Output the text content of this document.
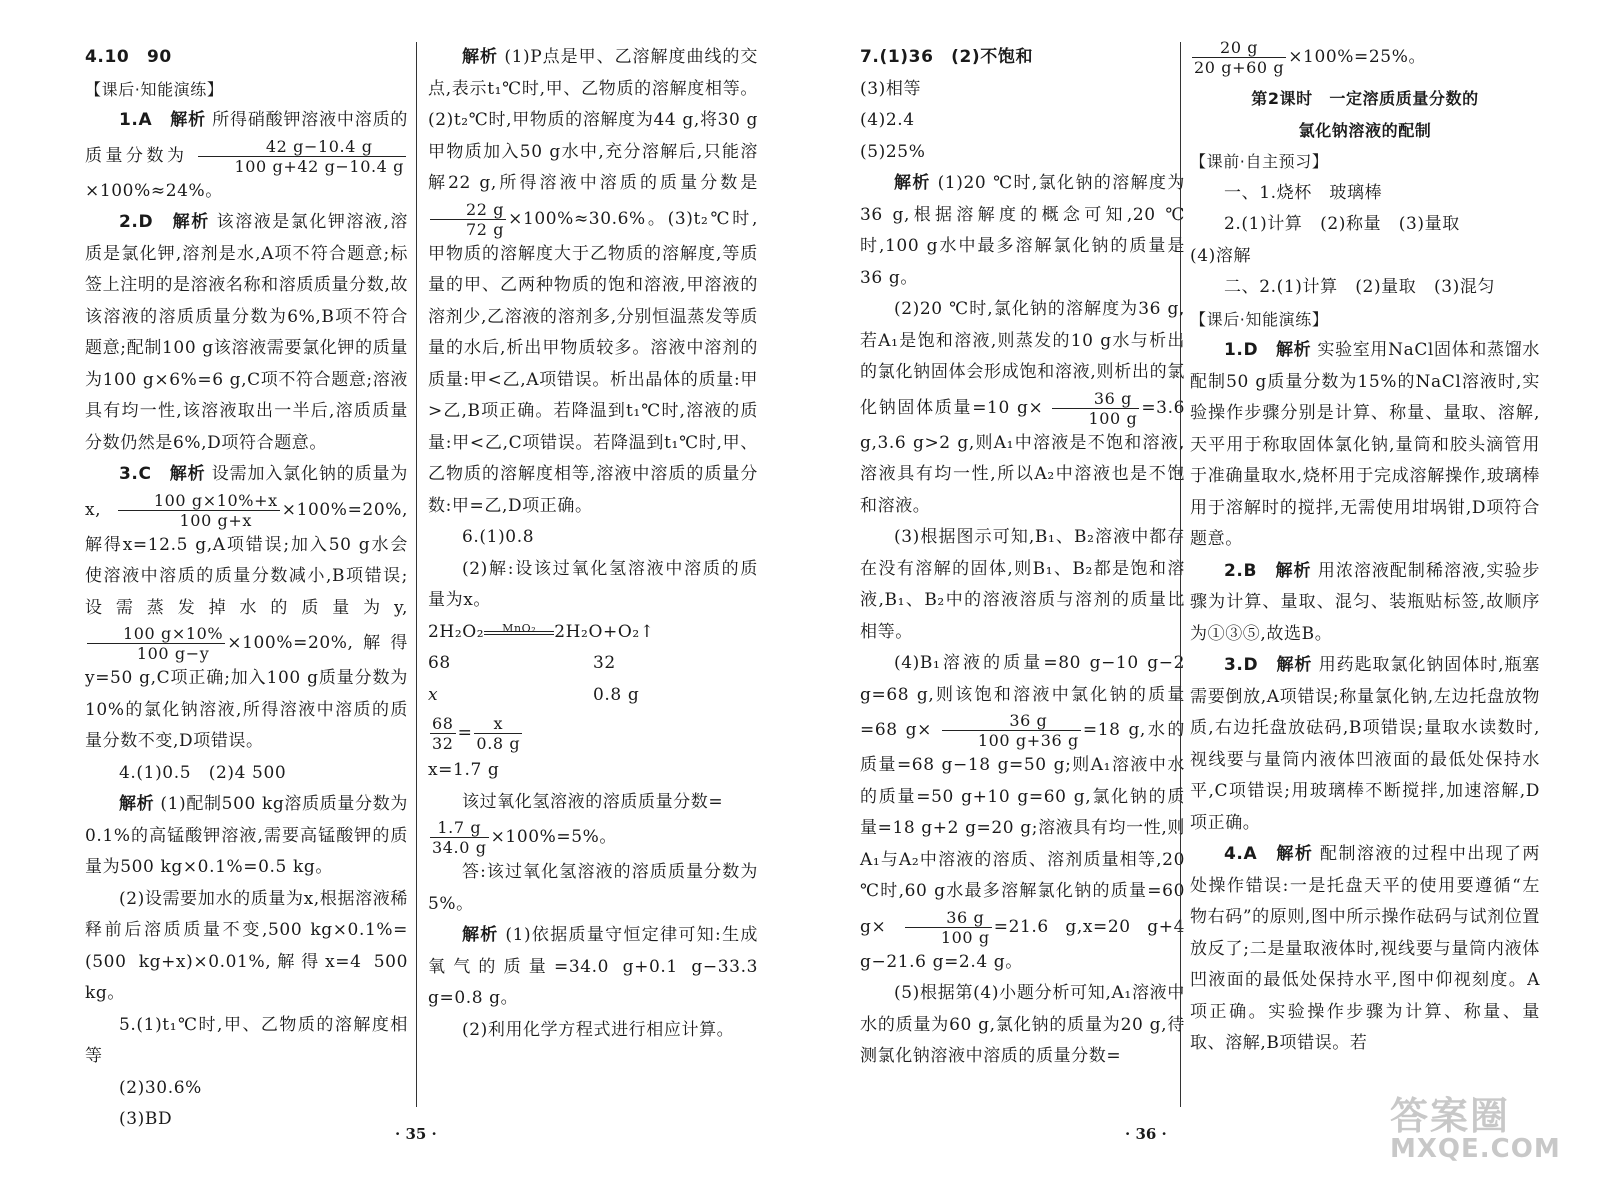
4.10　90

【课后·知能演练】

1.A　解析 所得硝酸钾溶液中溶质的质量分数为 $\frac{42 g-10.4 g}{100 g+42 g-10.4 g}$
×100%≈24%。

2.D　解析 该溶液是氯化钾溶液,溶质是氯化钾,溶剂是水,A项不符合题意;标签上注明的是溶液名称和溶质质量分数,故该溶液的溶质质量分数为6%,B项不符合题意;配制100 g该溶液需要氯化钾的质量为100 g×6%=6 g,C项不符合题意;溶液具有均一性,该溶液取出一半后,溶质质量分数仍然是6%,D项符合题意。

3.C　解析 设需加入氯化钠的质量为x, $\frac{100 g\times 10\%+x}{100 g+x} \times 100\%=20\%$,解得x=12.5 g,A项错误;加入50 g水会使溶液中溶质的质量分数减小,B项错误;设需蒸发掉水的质量为y,
$\frac{100 g\times 10\%}{100 g-y} \times 100\%=20\%$,解得y=50 g,C项正确;加入100 g质量分数为10%的氯化钠溶液,所得溶液中溶质的质量分数不变,D项错误。

4.(1)0.5　(2)4 500

解析 (1)配制500 kg溶质质量分数为0.1%的高锰酸钾溶液,需要高锰酸钾的质量为500 kg×0.1%=0.5 kg。

(2)设需要加水的质量为x,根据溶液稀释前后溶质质量不变,500 kg×0.1%=(500 kg+x)×0.01%,解得x=4 500 kg。

5.(1)t₁℃时,甲、乙物质的溶解度相等

(2)30.6%

(3)BD

解析 (1)P点是甲、乙溶解度曲线的交点,表示t₁℃时,甲、乙物质的溶解度相等。(2)t₂℃时,甲物质的溶解度为44 g,将30 g甲物质加入50 g水中,充分溶解后,只能溶解22 g,所得溶液中溶质的质量分数是
$\frac{22 g}{72 g} \times 100\%\approx 30.6\%$。(3)t₂℃时,甲物质的溶解度大于乙物质的溶解度,等质量的甲、乙两种物质的饱和溶液,甲溶液的溶剂少,乙溶液的溶剂多,分别恒温蒸发等质量的水后,析出甲物质较多。溶液中溶剂的质量:甲<乙,A项错误。析出晶体的质量:甲>乙,B项正确。若降温到t₁℃时,溶液的质量:甲<乙,C项错误。若降温到t₁℃时,甲、乙物质的溶解度相等,溶液中溶质的质量分数:甲=乙,D项正确。

6.(1)0.8

(2)解:设该过氧化氢溶液中溶质的质量为x。

2H₂O₂	MnO₂	2H₂O+O₂↑

68	32

x	0.8 g

$\frac{68}{32} = \frac{x}{0.8 g}$

x=1.7 g

该过氧化氢溶液的溶质质量分数=

$\frac{1.7 g}{34.0 g} \times 100\%=5\%$。

答:该过氧化氢溶液的溶质质量分数为5%。

解析 (1)依据质量守恒定律可知:生成氧气的质量=34.0 g+0.1 g−33.3 g=0.8 g。

(2)利用化学方程式进行相应计算。

· 35 ·

7.(1)36　(2)不饱和

(3)相等

(4)2.4

(5)25%

解析 (1)20 ℃时,氯化钠的溶解度为36 g,根据溶解度的概念可知,20 ℃时,100 g水中最多溶解氯化钠的质量是36 g。

(2)20 ℃时,氯化钠的溶解度为36 g,若A₁是饱和溶液,则蒸发的10 g水与析出的氯化钠固体会形成饱和溶液,则析出的氯化钠固体质量=10 $g\times \frac{36 g}{100 g} =3.6$ g,3.6 g>2 g,则A₁中溶液是不饱和溶液,溶液具有均一性,所以A₂中溶液也是不饱和溶液。

(3)根据图示可知,B₁、B₂溶液中都存在没有溶解的固体,则B₁、B₂都是饱和溶液,B₁、B₂中的溶液溶质与溶剂的质量比相等。

(4)B₁溶液的质量=80 g−10 g−2 g=68 g,则该饱和溶液中氯化钠的质量=68 $g\times \frac{36 g}{100 g+36 g} =18$ g,水的质量=68 g−18 g=50 g;则A₁溶液中水的质量=50 g+10 g=60 g,氯化钠的质量=18 g+2 g=20 g;溶液具有均一性,则A₁与A₂中溶液的溶质、溶剂质量相等,20 ℃时,60 g水最多溶解氯化钠的质量=60 $g\times \frac{36 g}{100 g} =21.6$ g,x=20 g+4 g−21.6 g=2.4 g。

(5)根据第(4)小题分析可知,A₁溶液中水的质量为60 g,氯化钠的质量为20 g,待测氯化钠溶液中溶质的质量分数=

$\frac{20 g}{20 g+60 g} \times 100\%=25\%$。

第2课时　一定溶质质量分数的

氯化钠溶液的配制

【课前·自主预习】

一、1.烧杯　玻璃棒

2.(1)计算　(2)称量　(3)量取

(4)溶解

二、2.(1)计算　(2)量取　(3)混匀

【课后·知能演练】

1.D　解析 实验室用NaCl固体和蒸馏水配制50 g质量分数为15%的NaCl溶液时,实验操作步骤分别是计算、称量、量取、溶解,天平用于称取固体氯化钠,量筒和胶头滴管用于准确量取水,烧杯用于完成溶解操作,玻璃棒用于溶解时的搅拌,无需使用坩埚钳,D项符合题意。

2.B　解析 用浓溶液配制稀溶液,实验步骤为计算、量取、混匀、装瓶贴标签,故顺序为①③⑤,故选B。

3.D　解析 用药匙取氯化钠固体时,瓶塞需要倒放,A项错误;称量氯化钠,左边托盘放物质,右边托盘放砝码,B项错误;量取水读数时,视线要与量筒内液体凹液面的最低处保持水平,C项错误;用玻璃棒不断搅拌,加速溶解,D项正确。

4.A　解析 配制溶液的过程中出现了两处操作错误:一是托盘天平的使用要遵循“左物右码”的原则,图中所示操作砝码与试剂位置放反了;二是量取液体时,视线要与量筒内液体凹液面的最低处保持水平,图中仰视刻度。A项正确。实验操作步骤为计算、称量、量取、溶解,B项错误。若

· 36 ·	答案圈
MXQE.COM
